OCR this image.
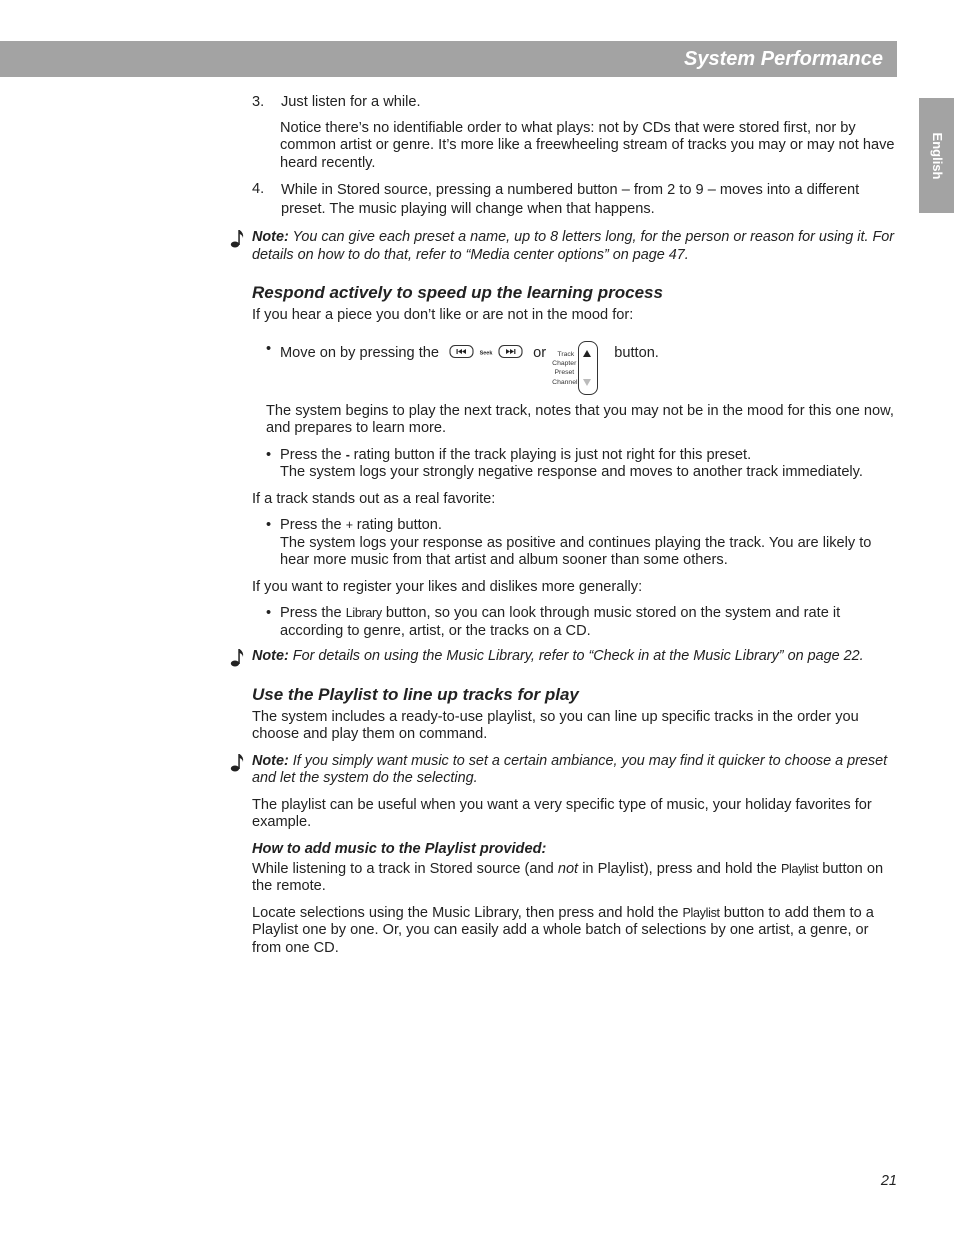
System Performance
English
3.	Just listen for a while.

Notice there’s no identifiable order to what plays: not by CDs that were stored first, nor by common artist or genre. It’s more like a freewheeling stream of tracks you may or may not have heard recently.

4.	While in Stored source, pressing a numbered button – from 2 to 9 – moves into a different preset. The music playing will change when that happens.
Note: You can give each preset a name, up to 8 letters long, for the person or reason for using it. For details on how to do that, refer to “Media center options” on page 47.
Respond actively to speed up the learning process

If you hear a piece you don’t like or are not in the mood for:

• Move on by pressing the	Seek	or	Track
Chapter
Preset
Channel
button.

The system begins to play the next track, notes that you may not be in the mood for this one now, and prepares to learn more.

• Press the - rating button if the track playing is just not right for this preset.
The system logs your strongly negative response and moves to another track immediately.

If a track stands out as a real favorite:

• Press the + rating button.
The system logs your response as positive and continues playing the track. You are likely to hear more music from that artist and album sooner than some others.

If you want to register your likes and dislikes more generally:

• Press the Library button, so you can look through music stored on the system and rate it according to genre, artist, or the tracks on a CD.
Note: For details on using the Music Library, refer to “Check in at the Music Library” on page 22.
Use the Playlist to line up tracks for play

The system includes a ready-to-use playlist, so you can line up specific tracks in the order you choose and play them on command.

Note: If you simply want music to set a certain ambiance, you may find it quicker to choose a preset and let the system do the selecting.

The playlist can be useful when you want a very specific type of music, your holiday favorites for example.

How to add music to the Playlist provided:

While listening to a track in Stored source (and not in Playlist), press and hold the Playlist button on the remote.

Locate selections using the Music Library, then press and hold the Playlist button to add them to a Playlist one by one. Or, you can easily add a whole batch of selections by one artist, a genre, or from one CD.

21
